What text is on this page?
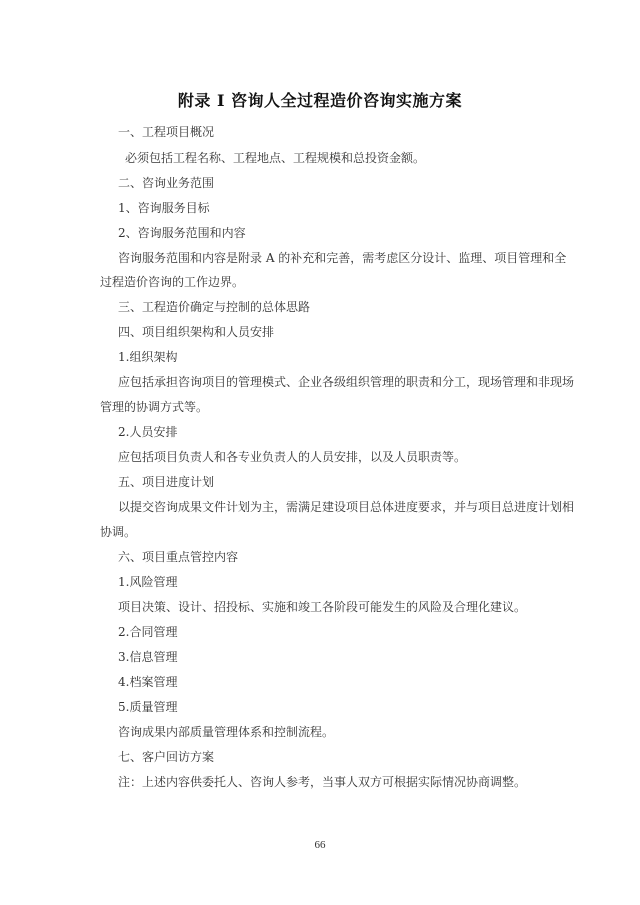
附录 I 咨询人全过程造价咨询实施方案
一、工程项目概况
必须包括工程名称、工程地点、工程规模和总投资金额。
二、咨询业务范围
1、咨询服务目标
2、咨询服务范围和内容
咨询服务范围和内容是附录 A 的补充和完善，需考虑区分设计、监理、项目管理和全
过程造价咨询的工作边界。
三、工程造价确定与控制的总体思路
四、项目组织架构和人员安排
1.组织架构
应包括承担咨询项目的管理模式、企业各级组织管理的职责和分工，现场管理和非现场
管理的协调方式等。
2.人员安排
应包括项目负责人和各专业负责人的人员安排，以及人员职责等。
五、项目进度计划
以提交咨询成果文件计划为主，需满足建设项目总体进度要求，并与项目总进度计划相
协调。
六、项目重点管控内容
1.风险管理
项目决策、设计、招投标、实施和竣工各阶段可能发生的风险及合理化建议。
2.合同管理
3.信息管理
4.档案管理
5.质量管理
咨询成果内部质量管理体系和控制流程。
七、客户回访方案
注：上述内容供委托人、咨询人参考，当事人双方可根据实际情况协商调整。
66
